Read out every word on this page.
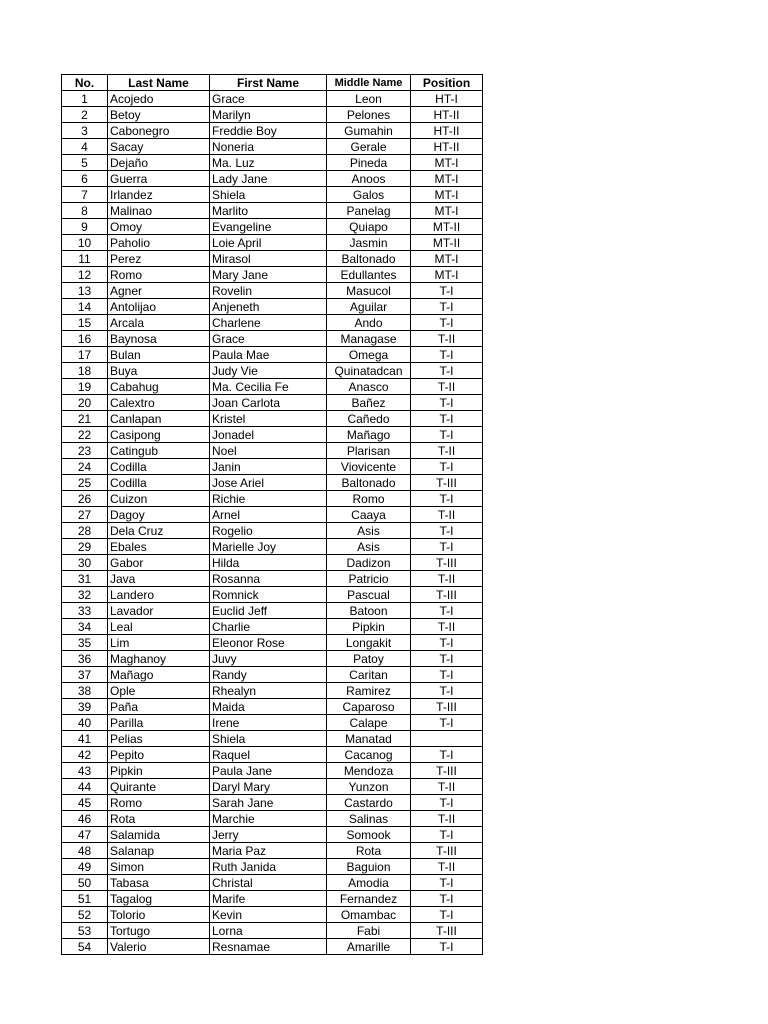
No.	Last Name	First Name	Middle Name	Position
1	Acojedo	Grace	Leon	HT-I
2	Betoy	Marilyn	Pelones	HT-II
3	Cabonegro	Freddie Boy	Gumahin	HT-II
4	Sacay	Noneria	Gerale	HT-II
5	Dejaño	Ma. Luz	Pineda	MT-I
6	Guerra	Lady Jane	Anoos	MT-I
7	Irlandez	Shiela	Galos	MT-I
8	Malinao	Marlito	Panelag	MT-I
9	Omoy	Evangeline	Quiapo	MT-II
10	Paholio	Loie April	Jasmin	MT-II
11	Perez	Mirasol	Baltonado	MT-I
12	Romo	Mary Jane	Edullantes	MT-I
13	Agner	Rovelin	Masucol	T-I
14	Antolijao	Anjeneth	Aguilar	T-I
15	Arcala	Charlene	Ando	T-I
16	Baynosa	Grace	Managase	T-II
17	Bulan	Paula Mae	Omega	T-I
18	Buya	Judy Vie	Quinatadcan	T-I
19	Cabahug	Ma. Cecilia Fe	Anasco	T-II
20	Calextro	Joan Carlota	Bañez	T-I
21	Canlapan	Kristel	Cañedo	T-I
22	Casipong	Jonadel	Mañago	T-I
23	Catingub	Noel	Plarisan	T-II
24	Codilla	Janin	Viovicente	T-I
25	Codilla	Jose Ariel	Baltonado	T-III
26	Cuizon	Richie	Romo	T-I
27	Dagoy	Arnel	Caaya	T-II
28	Dela Cruz	Rogelio	Asis	T-I
29	Ebales	Marielle Joy	Asis	T-I
30	Gabor	Hilda	Dadizon	T-III
31	Java	Rosanna	Patricio	T-II
32	Landero	Romnick	Pascual	T-III
33	Lavador	Euclid Jeff	Batoon	T-I
34	Leal	Charlie	Pipkin	T-II
35	Lim	Eleonor Rose	Longakit	T-I
36	Maghanoy	Juvy	Patoy	T-I
37	Mañago	Randy	Caritan	T-I
38	Ople	Rhealyn	Ramirez	T-I
39	Paña	Maida	Caparoso	T-III
40	Parilla	Irene	Calape	T-I
41	Pelias	Shiela	Manatad	
42	Pepito	Raquel	Cacanog	T-I
43	Pipkin	Paula Jane	Mendoza	T-III
44	Quirante	Daryl Mary	Yunzon	T-II
45	Romo	Sarah Jane	Castardo	T-I
46	Rota	Marchie	Salinas	T-II
47	Salamida	Jerry	Somook	T-I
48	Salanap	Maria Paz	Rota	T-III
49	Simon	Ruth Janida	Baguion	T-II
50	Tabasa	Christal	Amodia	T-I
51	Tagalog	Marife	Fernandez	T-I
52	Tolorio	Kevin	Omambac	T-I
53	Tortugo	Lorna	Fabi	T-III
54	Valerio	Resnamae	Amarille	T-I
